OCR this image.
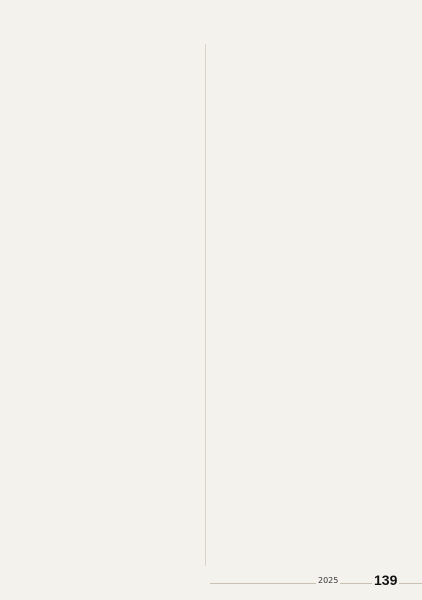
2025	139
